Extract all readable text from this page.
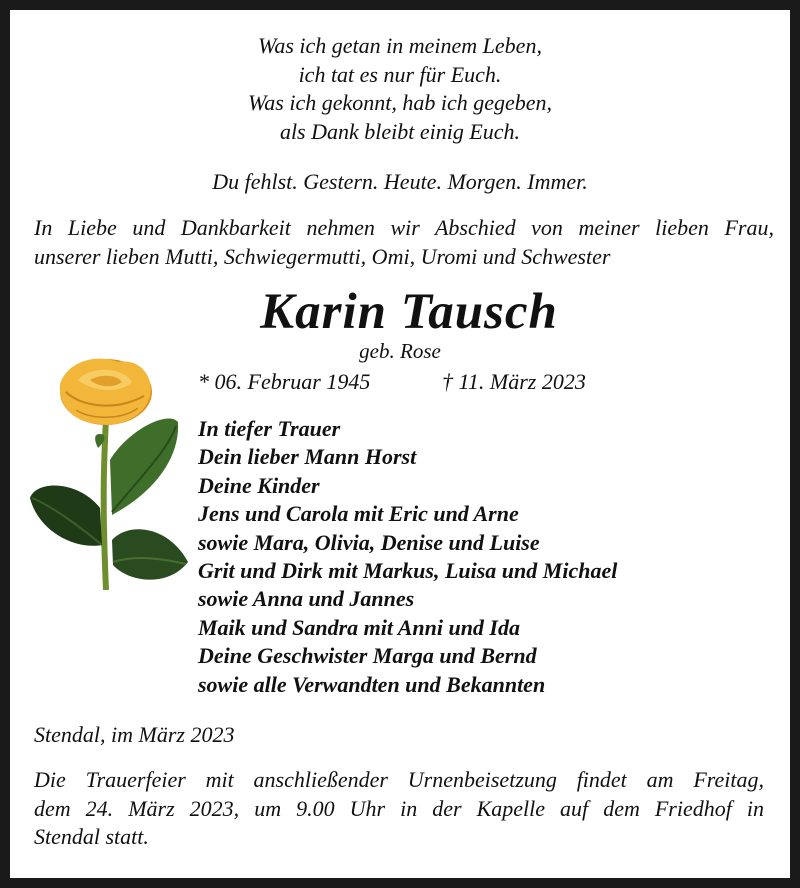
Was ich getan in meinem Leben,
ich tat es nur für Euch.
Was ich gekonnt, hab ich gegeben,
als Dank bleibt einig Euch.
Du fehlst. Gestern. Heute. Morgen. Immer.
In Liebe und Dankbarkeit nehmen wir Abschied von meiner lieben Frau,
unserer lieben Mutti, Schwiegermutti, Omi, Uromi und Schwester
Karin Tausch
geb. Rose
* 06. Februar 1945	† 11. März 2023
In tiefer Trauer
Dein lieber Mann Horst
Deine Kinder
Jens und Carola mit Eric und Arne
sowie Mara, Olivia, Denise und Luise
Grit und Dirk mit Markus, Luisa und Michael
sowie Anna und Jannes
Maik und Sandra mit Anni und Ida
Deine Geschwister Marga und Bernd
sowie alle Verwandten und Bekannten
Stendal, im März 2023
Die Trauerfeier mit anschließender Urnenbeisetzung findet am Freitag,
dem 24. März 2023, um 9.00 Uhr in der Kapelle auf dem Friedhof in
Stendal statt.
